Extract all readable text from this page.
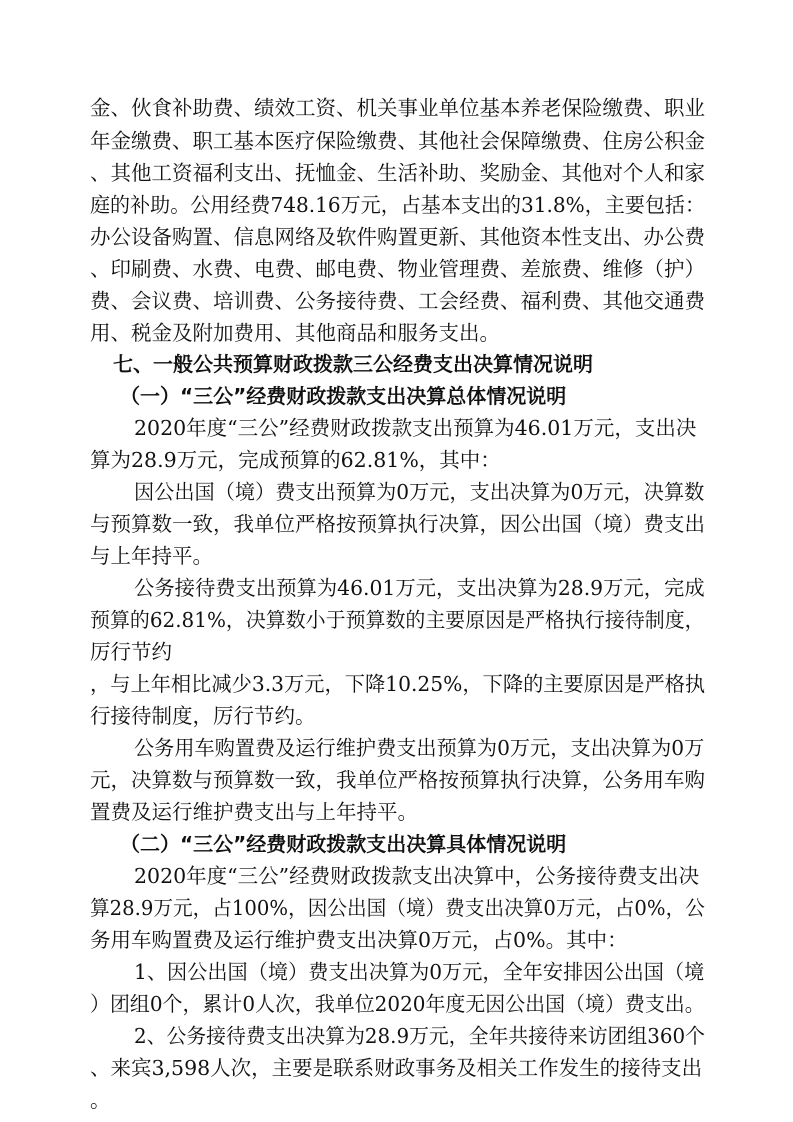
金、伙食补助费、绩效工资、机关事业单位基本养老保险缴费、职业
年金缴费、职工基本医疗保险缴费、其他社会保障缴费、住房公积金
、其他工资福利支出、抚恤金、生活补助、奖励金、其他对个人和家
庭的补助。公用经费748.16万元，占基本支出的31.8%，主要包括：
办公设备购置、信息网络及软件购置更新、其他资本性支出、办公费
、印刷费、水费、电费、邮电费、物业管理费、差旅费、维修（护）
费、会议费、培训费、公务接待费、工会经费、福利费、其他交通费
用、税金及附加费用、其他商品和服务支出。
七、一般公共预算财政拨款三公经费支出决算情况说明
（一）“三公”经费财政拨款支出决算总体情况说明
2020年度“三公”经费财政拨款支出预算为46.01万元，支出决
算为28.9万元，完成预算的62.81%，其中：
因公出国（境）费支出预算为0万元，支出决算为0万元，决算数
与预算数一致，我单位严格按预算执行决算，因公出国（境）费支出
与上年持平。
公务接待费支出预算为46.01万元，支出决算为28.9万元，完成
预算的62.81%，决算数小于预算数的主要原因是严格执行接待制度，
厉行节约
，与上年相比减少3.3万元，下降10.25%，下降的主要原因是严格执
行接待制度，厉行节约。
公务用车购置费及运行维护费支出预算为0万元，支出决算为0万
元，决算数与预算数一致，我单位严格按预算执行决算，公务用车购
置费及运行维护费支出与上年持平。
（二）“三公”经费财政拨款支出决算具体情况说明
2020年度“三公”经费财政拨款支出决算中，公务接待费支出决
算28.9万元，占100%，因公出国（境）费支出决算0万元，占0%，公
务用车购置费及运行维护费支出决算0万元，占0%。其中：
1、因公出国（境）费支出决算为0万元，全年安排因公出国（境
）团组0个，累计0人次，我单位2020年度无因公出国（境）费支出。
2、公务接待费支出决算为28.9万元，全年共接待来访团组360个
、来宾3,598人次，主要是联系财政事务及相关工作发生的接待支出
。
